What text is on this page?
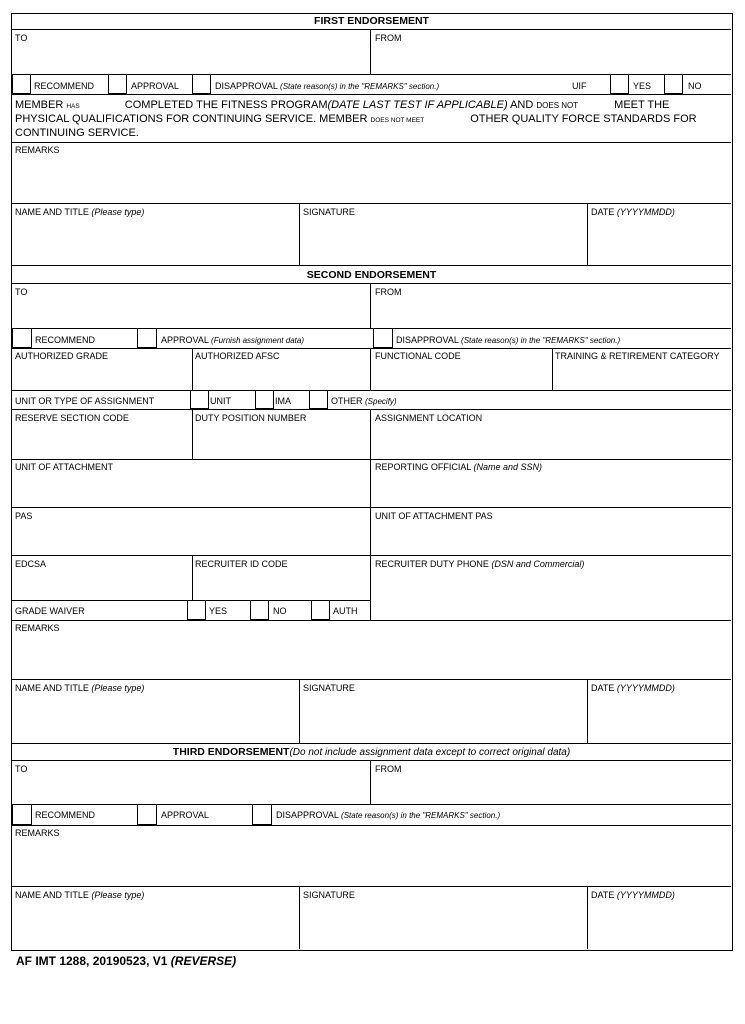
FIRST ENDORSEMENT
TO	FROM
RECOMMEND	APPROVAL	DISAPPROVAL (State reason(s) in the "REMARKS" section.)	UIF	YES	NO
MEMBER HAS	COMPLETED THE FITNESS PROGRAM(DATE LAST TEST IF APPLICABLE) AND DOES NOT	MEET THE
PHYSICAL QUALIFICATIONS FOR CONTINUING SERVICE. MEMBER DOES NOT MEET	OTHER QUALITY FORCE STANDARDS FOR
CONTINUING SERVICE.
REMARKS
NAME AND TITLE (Please type)	SIGNATURE	DATE (YYYYMMDD)
SECOND ENDORSEMENT
TO	FROM
RECOMMEND	APPROVAL (Furnish assignment data)	DISAPPROVAL (State reason(s) in the "REMARKS" section.)
AUTHORIZED GRADE	AUTHORIZED AFSC	FUNCTIONAL CODE	TRAINING & RETIREMENT CATEGORY
UNIT OR TYPE OF ASSIGNMENT	UNIT	IMA	OTHER (Specify)
RESERVE SECTION CODE	DUTY POSITION NUMBER	ASSIGNMENT LOCATION
UNIT OF ATTACHMENT	REPORTING OFFICIAL (Name and SSN)
PAS	UNIT OF ATTACHMENT PAS
EDCSA	RECRUITER ID CODE	RECRUITER DUTY PHONE (DSN and Commercial)
GRADE WAIVER	YES	NO	AUTH
REMARKS
NAME AND TITLE (Please type)	SIGNATURE	DATE (YYYYMMDD)
THIRD ENDORSEMENT(Do not include assignment data except to correct original data)
TO	FROM
RECOMMEND	APPROVAL	DISAPPROVAL (State reason(s) in the "REMARKS" section.)
REMARKS
NAME AND TITLE (Please type)	SIGNATURE	DATE (YYYYMMDD)
AF IMT 1288, 20190523, V1 (REVERSE)
